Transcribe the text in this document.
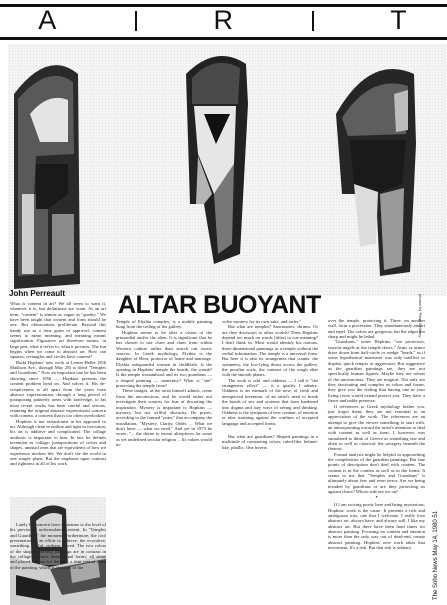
A	R	T
photos by Peter Bellamy
John Perreault ALTAR BUOYANT

What is content in art? We all seem to want it, whatever it is, but definitions are scant. As an art term, "content" is almost as vague as "quality." We have been taught that content and form should be one. But obfuscations proliferate. Beyond this handy use as a time grain of approval, content seems to mean meaning, and meaning means signification. Figurative art therefore means, in large part, what it refers to, what it pictures. The fun begins when we come to abstract art. How can squares, rectangles and circles have content?

Budd Hopkins' new work at Lerner-Heller (956 Madison Ave., through May 28) is titled "Temples and Guardians." Now an important one he has been showing since 1956 — Hopkins presents the content problem head on. And solves it. His de-scriptiveness is all apart from the years from abstract expressionism, through a long period of juxtaposing painterly areas with hard-edge, to his most recent works has been careful and serious, retaining the original abstract expressionist concern with content, a concern that is too often overlooked.

Hopkins is not reductionist in his approach to art. Although clean in outline and tight in execution, his art is additive and complicated. The collage aesthetic is important to him. In fact he defines invention as collage: juxtapositions of colors and shapes, unusual ones that are equivalents of how we experience modern life. We don't see the world in one simple plane. But the emphasis upon contrast and rightness in all of his work.

Lately his concern have sometime to the level of his previously unformulated content. In "Temples and Guardians" the moment. Furthermore, the cool presentation is an effort to achieve, the evocative, something fearful, perhaps sacred. The two colors of the shaped painting paintings are in contrast in the collage of three dimensional forms, all shine and placed, except for the one, a thin central form of the painting, which is also part of the

Temple of Elythia complex, is a mobile painting hung from the ceiling of the gallery.

Hopkins seems to be after a vision of the primordial and/or the alien. It is significant that he has chosen to use clues and clues from within Western culture rather than search out exotic sources. In Greek mythology, Elythia is the daughter of Hera, protector of home and marriage. Elythia safeguarded women in childbirth. Is the opening in Hopkins' temple the hearth, the womb? Is the temple womanhood and its two guardians — a shaped painting — maternity? What is "she" protecting the temple from?

These images, as the artist himself admits, come from the unconscious, and he would rather not investigate their sources for fear of thwarting the inspiration. Mystery is important to Hopkins — mystery, but not willful obscurity. He prizes, according to the framed "notes" that accompany the installation, "Mystery, Clarity, Order. ... What we don't have — what we need." And yet in 1973 he wrote, "... the desire to invent alterpieces for some as yet undefined secular religion ... Its values would in-

volve mystery for its own sake, and order."

But what are temples? Sanctuaries, shrines. Or are they doorways to other worlds? Does Hopkins depend too much on words (titles) to cue meaning? I don't think so. Most would identify his curious, three-dimensional paintings as a temple without the verbal information. The temple is a universal form. But here it is also its strangeness that counts: the symmetry, the low-lying thrust across the gallery, the peculiar scale, the contrast of the rough altar with the smooth planes.

The work is odd, and oddness — I call it "the strangeness effect" — is a quality I admire. Oddness is an earmark of the new, of fresh and unexpected invention, of an artist's need to break the bonds of sex and systems that have hardened into dogma and lazy ways of seeing and thinking. Oddness is the symptom of new content, of emotion or idea straining against the confines of accepted language and accepted forms.

•

But what are guardians? Shaped paintings in a multitude of contrasting colors; ruled-like, helmet-like, phallic. One hovers

over the temple, protecting it. Three, on another wall, form a procession. They simultaneously attract and repel. The colors are gorgeous, but the edges are sharp and might be lethal.

"Guardians," notes Hopkins, "are protectors, warrior-angels at the temple doors." Arms or armor drive down from half-circle or wedge "heads," as if some hypothetical maneuver was only intellect or display, quick temper or aggression. But suggestive as the guardian paintings are, they are not specifically human figures. Maybe they are robots of the unconscious. They are magical. Not only are they fascinating and complex as colors and forms, they give you the feeling that having one in your living room would extend protect you. They have a fierce and noble presence.

If references to Greek mythology bother you, just forget them; they are not essential to an appreciation of the work. The references are an attempt to give the viewer something to start with, an armorpointing toward the artist's intention to deal with content as well as form. I, however, was stimulated to think of Greece as something raw and alien as well as classical: the savagery beneath the rhetoric.

Formal analysis might be helpful in approaching the complexities of the guardian paintings. But fine points of description don't deal with content. The content is in the content as well as in the forms. It seems to me that "Temples and Guardians" is ultimately about fear and even terror. Are we being invaded by guardians or are they protecting us against chaos? Whose side are we on?

•

If I am voicing poetic here and being mysterious, Hopkins' work is the cause. It presents a rich and ambiguous mix, one that I welcome. I really love abstract art, always have, and always will. I like my abstract art. But there have been hard times for abstract painting. Focusing on content and emotion is more than the only way out of dead-end, ornate abstract painting. Hopkins' new work takes that movement. It's a risk. But that risk is salutary.	The Soho News May 14, 1980 51
